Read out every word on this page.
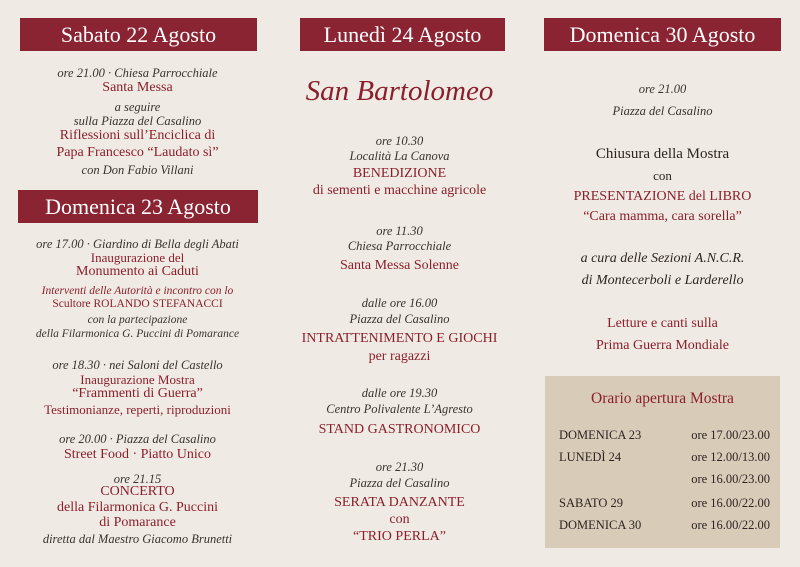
Sabato 22 Agosto
ore 21.00 · Chiesa Parrocchiale
Santa Messa
a seguire
sulla Piazza del Casalino
Riflessioni sull’Enciclica di
Papa Francesco “Laudato sì”
con Don Fabio Villani
Domenica 23 Agosto
ore 17.00 · Giardino di Bella degli Abati
Inaugurazione del
Monumento ai Caduti
Interventi delle Autorità e incontro con lo
Scultore ROLANDO STEFANACCI
con la partecipazione
della Filarmonica G. Puccini di Pomarance
ore 18.30 · nei Saloni del Castello
Inaugurazione Mostra
“Frammenti di Guerra”
Testimonianze, reperti, riproduzioni
ore 20.00 · Piazza del Casalino
Street Food · Piatto Unico
ore 21.15
CONCERTO
della Filarmonica G. Puccini
di Pomarance
diretta dal Maestro Giacomo Brunetti
Lunedì 24 Agosto
San Bartolomeo
ore 10.30
Località La Canova
BENEDIZIONE
di sementi e macchine agricole
ore 11.30
Chiesa Parrocchiale
Santa Messa Solenne
dalle ore 16.00
Piazza del Casalino
INTRATTENIMENTO E GIOCHI
per ragazzi
dalle ore 19.30
Centro Polivalente L’Agresto
STAND GASTRONOMICO
ore 21.30
Piazza del Casalino
SERATA DANZANTE
con
“TRIO PERLA”
Domenica 30 Agosto
ore 21.00
Piazza del Casalino
Chiusura della Mostra
con
PRESENTAZIONE del LIBRO
“Cara mamma, cara sorella”
a cura delle Sezioni A.N.C.R.
di Montecerboli e Larderello
Letture e canti sulla
Prima Guerra Mondiale
Orario apertura Mostra
DOMENICA 23	ore 17.00/23.00
LUNEDÌ 24	ore 12.00/13.00
ore 16.00/23.00
SABATO 29	ore 16.00/22.00
DOMENICA 30	ore 16.00/22.00
